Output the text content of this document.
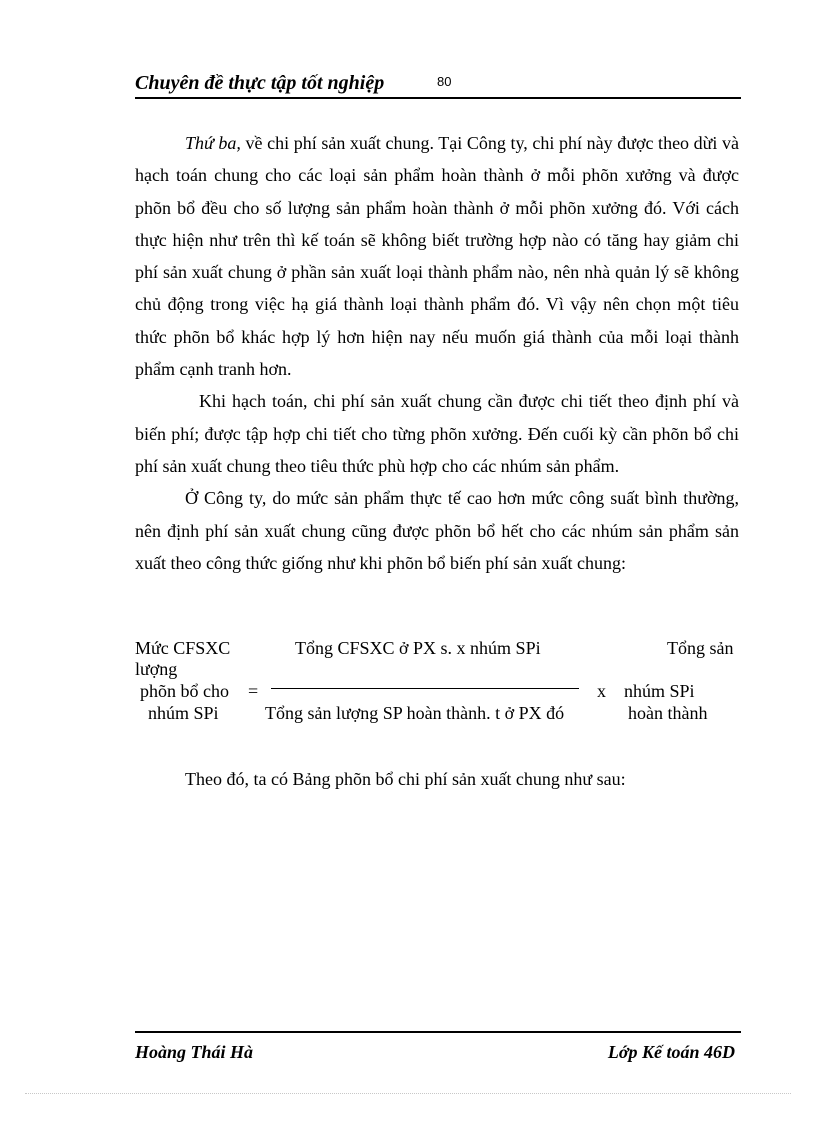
Chuyên đề thực tập tốt nghiệp	80

Thứ ba, về chi phí sản xuất chung. Tại Công ty, chi phí này được theo dừi và hạch toán chung cho các loại sản phẩm hoàn thành ở mỗi phõn xưởng và được phõn bổ đều cho số lượng sản phẩm hoàn thành ở mỗi phõn xưởng đó. Với cách thực hiện như trên thì kế toán sẽ không biết trường hợp nào có tăng hay giảm chi phí sản xuất chung ở phần sản xuất loại thành phẩm nào, nên nhà quản lý sẽ không chủ động trong việc hạ giá thành loại thành phẩm đó. Vì vậy nên chọn một tiêu thức phõn bổ khác hợp lý hơn hiện nay nếu muốn giá thành của mỗi loại thành phẩm cạnh tranh hơn.

Khi hạch toán, chi phí sản xuất chung cần được chi tiết theo định phí và biến phí; được tập hợp chi tiết cho từng phõn xưởng. Đến cuối kỳ cần phõn bổ chi phí sản xuất chung theo tiêu thức phù hợp cho các nhúm sản phẩm.

Ở Công ty, do mức sản phẩm thực tế cao hơn mức công suất bình thường, nên định phí sản xuất chung cũng được phõn bổ hết cho các nhúm sản phẩm sản xuất theo công thức giống như khi phõn bổ biến phí sản xuất chung:

Mức CFSXC
lượng
phõn bổ cho
nhúm SPi
=
Tổng CFSXC ở PX s. x nhúm SPi
Tổng sản lượng SP hoàn thành. t ở PX đó
x
Tổng sản
nhúm SPi
hoàn thành
Theo đó, ta có Bảng phõn bổ chi phí sản xuất chung như sau:
Hoàng Thái Hà	Lớp Kế toán 46D
